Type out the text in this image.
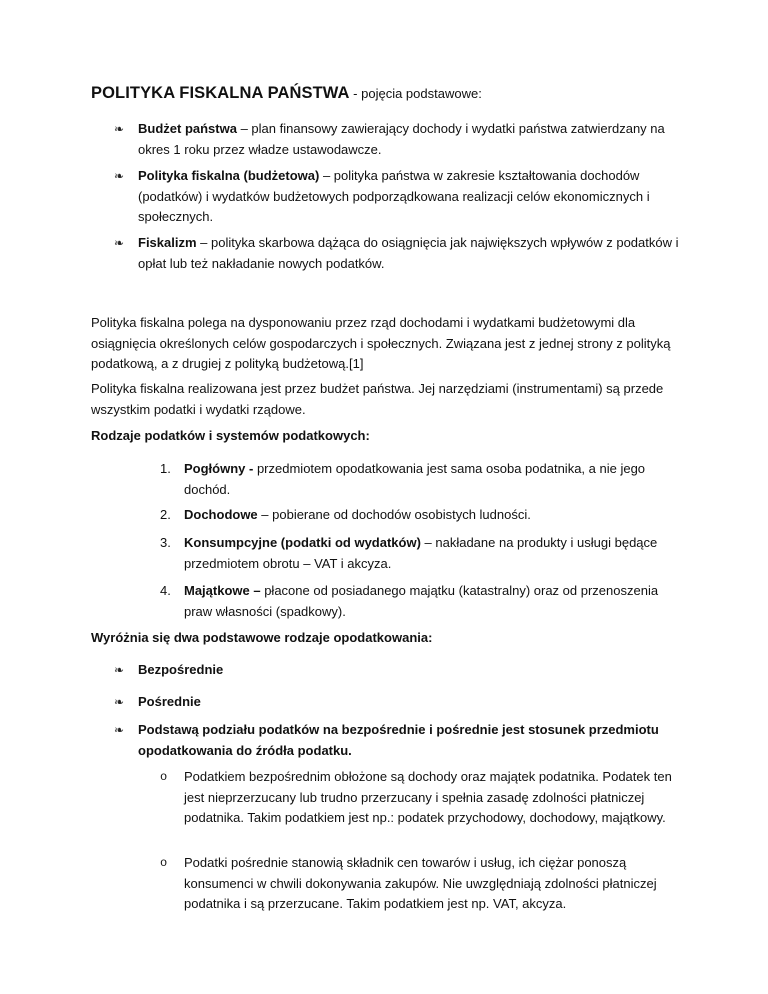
POLITYKA FISKALNA PAŃSTWA - pojęcia podstawowe:
❧	Budżet państwa – plan finansowy zawierający dochody i wydatki państwa zatwierdzany na okres 1 roku przez władze ustawodawcze.
❧	Polityka fiskalna (budżetowa) – polityka państwa w zakresie kształtowania dochodów (podatków) i wydatków budżetowych podporządkowana realizacji celów ekonomicznych i społecznych.
❧	Fiskalizm – polityka skarbowa dążąca do osiągnięcia jak największych wpływów z podatków i opłat lub też nakładanie nowych podatków.
Polityka fiskalna polega na dysponowaniu przez rząd dochodami i wydatkami budżetowymi dla osiągnięcia określonych celów gospodarczych i społecznych. Związana jest z jednej strony z polityką podatkową, a z drugiej z polityką budżetową.[1]
Polityka fiskalna realizowana jest przez budżet państwa. Jej narzędziami (instrumentami) są przede wszystkim podatki i wydatki rządowe.
Rodzaje podatków i systemów podatkowych:
1.	Pogłówny - przedmiotem opodatkowania jest sama osoba podatnika, a nie jego dochód.
2.	Dochodowe – pobierane od dochodów osobistych ludności.
3.	Konsumpcyjne (podatki od wydatków) – nakładane na produkty i usługi będące przedmiotem obrotu – VAT i akcyza.
4.	Majątkowe – płacone od posiadanego majątku (katastralny) oraz od przenoszenia praw własności (spadkowy).
Wyróżnia się dwa podstawowe rodzaje opodatkowania:
❧	Bezpośrednie
❧	Pośrednie
❧	Podstawą podziału podatków na bezpośrednie i pośrednie jest stosunek przedmiotu opodatkowania do źródła podatku.
o Podatkiem bezpośrednim obłożone są dochody oraz majątek podatnika. Podatek ten jest nieprzerzucany lub trudno przerzucany i spełnia zasadę zdolności płatniczej podatnika. Takim podatkiem jest np.: podatek przychodowy, dochodowy, majątkowy.
o Podatki pośrednie stanowią składnik cen towarów i usług, ich ciężar ponoszą konsumenci w chwili dokonywania zakupów. Nie uwzględniają zdolności płatniczej podatnika i są przerzucane. Takim podatkiem jest np. VAT, akcyza.
